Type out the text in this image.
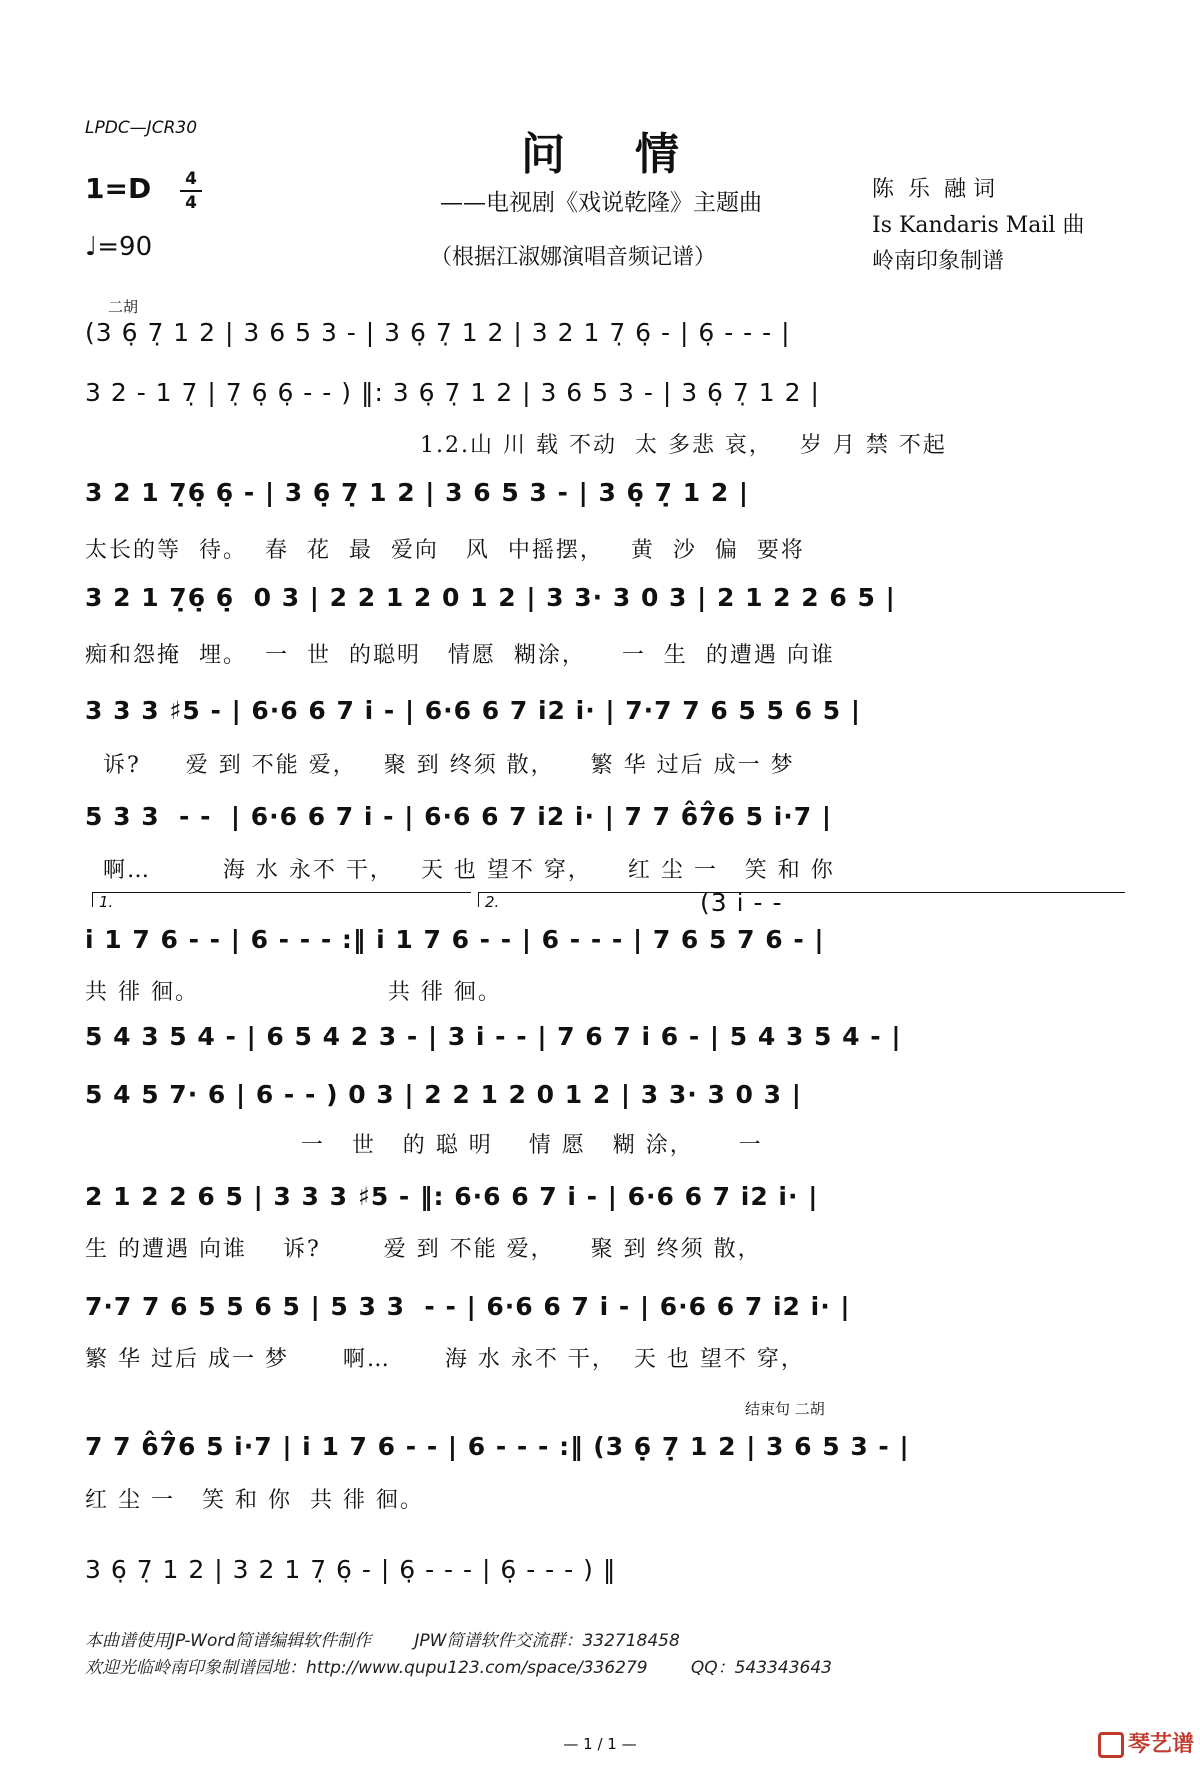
LPDC—JCR30
问情
1=D 4
4
♩=90
——电视剧《戏说乾隆》主题曲
（根据江淑娜演唱音频记谱）
陈  乐  融 词
Is Kandaris Mail 曲
岭南印象制谱
二胡
(3 6̣ 7̣ 1 2 | 3 6 5 3 - | 3 6̣ 7̣ 1 2 | 3 2 1 7̣ 6̣ - | 6̣ - - - |
3 2 - 1 7̣ | 7̣ 6̣ 6̣ - - ) ‖: 3 6̣ 7̣ 1 2 | 3 6 5 3 - | 3 6̣ 7̣ 1 2 |
1.2.山 川 载 不动  太 多悲 哀，   岁 月 禁 不起
3 2 1 7̣6̣ 6̣ - | 3 6̣ 7̣ 1 2 | 3 6 5 3 - | 3 6̣ 7̣ 1 2 |
太长的等  待。  春  花  最  爱向   风  中摇摆，   黄  沙  偏  要将
3 2 1 7̣6̣ 6̣  0 3 | 2 2 1 2 0 1 2 | 3 3· 3 0 3 | 2 1 2 2 6 5 |
痴和怨掩  埋。  一  世  的聪明   情愿  糊涂，    一  生  的遭遇 向谁
3 3 3 ♯5 - | 6·6 6 7 i - | 6·6 6 7 i2 i· | 7·7 7 6 5 5 6 5 |
诉?     爱 到 不能 爱，   聚 到 终须 散，    繁 华 过后 成一 梦
5 3 3  - -  | 6·6 6 7 i - | 6·6 6 7 i2 i· | 7 7 6̂7̂6 5 i·7 |
啊…        海 水 永不 干，   天 也 望不 穿，    红 尘 一   笑 和 你
1.	2.	(3 i - -
i 1 7 6 - - | 6 - - - :‖ i 1 7 6 - - | 6 - - - | 7 6 5 7 6 - |
共 徘 徊。                     共 徘 徊。
5 4 3 5 4 - | 6 5 4 2 3 - | 3 i - - | 7 6 7 i 6 - | 5 4 3 5 4 - |
5 4 5 7· 6 | 6 - - ) 0 3 | 2 2 1 2 0 1 2 | 3 3· 3 0 3 |
一   世   的 聪 明    情 愿   糊 涂，     一
2 1 2 2 6 5 | 3 3 3 ♯5 - ‖: 6·6 6 7 i - | 6·6 6 7 i2 i· |
生 的遭遇 向谁    诉?       爱 到 不能 爱，    聚 到 终须 散，
7·7 7 6 5 5 6 5 | 5 3 3  - - | 6·6 6 7 i - | 6·6 6 7 i2 i· |
繁 华 过后 成一 梦      啊…      海 水 永不 干，  天 也 望不 穿，
结束句 二胡
7 7 6̂7̂6 5 i·7 | i 1 7 6 - - | 6 - - - :‖ (3 6̣ 7̣ 1 2 | 3 6 5 3 - |
红 尘 一   笑 和 你  共 徘 徊。
3 6̣ 7̣ 1 2 | 3 2 1 7̣ 6̣ - | 6̣ - - - | 6̣ - - - ) ‖
本曲谱使用JP-Word简谱编辑软件制作        JPW简谱软件交流群：332718458
欢迎光临岭南印象制谱园地：http://www.qupu123.com/space/336279        QQ：543343643
— 1 / 1 —	琴艺谱
